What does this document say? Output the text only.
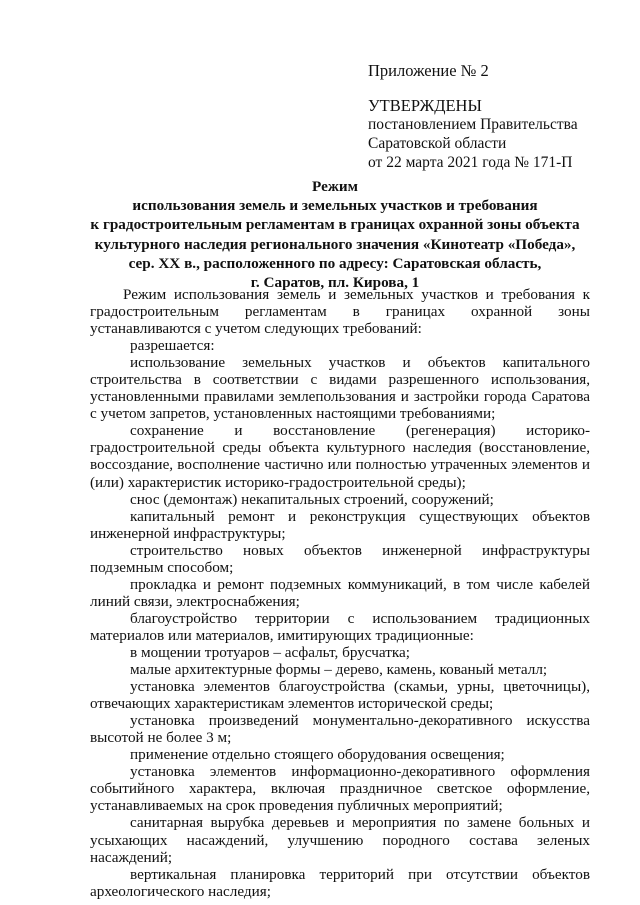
Приложение № 2
УТВЕРЖДЕНЫ
постановлением Правительства
Саратовской области
от 22 марта 2021 года № 171-П
Режим
использования земель и земельных участков и требования
к градостроительным регламентам в границах охранной зоны объекта
культурного наследия регионального значения «Кинотеатр «Победа»,
сер. XX в., расположенного по адресу: Саратовская область,
г. Саратов, пл. Кирова, 1

Режим использования земель и земельных участков и требования к градостроительным регламентам в границах охранной зоны устанавливаются с учетом следующих требований:

разрешается:

использование земельных участков и объектов капитального строительства в соответствии с видами разрешенного использования, установленными правилами землепользования и застройки города Саратова с учетом запретов, установленных настоящими требованиями;

сохранение и восстановление (регенерация) историко-градостроительной среды объекта культурного наследия (восстановление, воссоздание, восполнение частично или полностью утраченных элементов и (или) характеристик историко-градостроительной среды);

снос (демонтаж) некапитальных строений, сооружений;

капитальный ремонт и реконструкция существующих объектов инженерной инфраструктуры;

строительство новых объектов инженерной инфраструктуры подземным способом;

прокладка и ремонт подземных коммуникаций, в том числе кабелей линий связи, электроснабжения;

благоустройство территории с использованием традиционных материалов или материалов, имитирующих традиционные:

в мощении тротуаров – асфальт, брусчатка;

малые архитектурные формы – дерево, камень, кованый металл;

установка элементов благоустройства (скамьи, урны, цветочницы), отвечающих характеристикам элементов исторической среды;

установка произведений монументально-декоративного искусства высотой не более 3 м;

применение отдельно стоящего оборудования освещения;

установка элементов информационно-декоративного оформления событийного характера, включая праздничное светское оформление, устанавливаемых на срок проведения публичных мероприятий;

санитарная вырубка деревьев и мероприятия по замене больных и усыхающих насаждений, улучшению породного состава зеленых насаждений;

вертикальная планировка территорий при отсутствии объектов археологического наследия;
